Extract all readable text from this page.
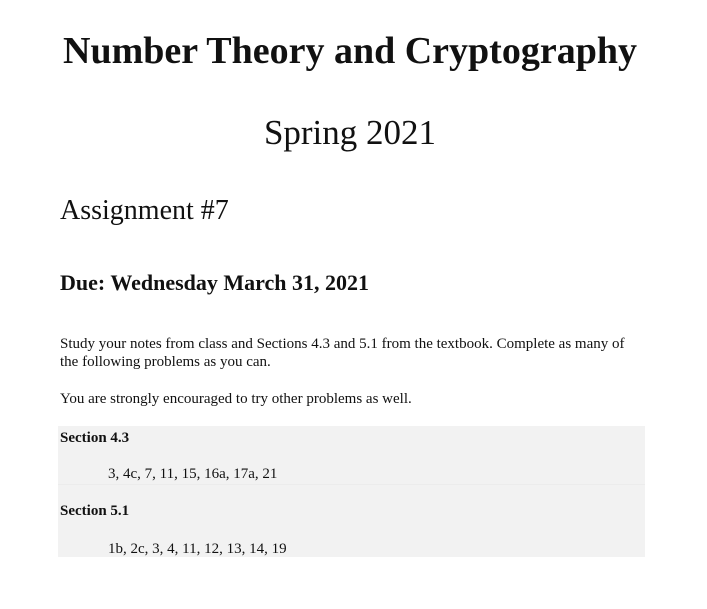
Number Theory and Cryptography
Spring 2021
Assignment #7
Due: Wednesday March 31, 2021

Study your notes from class and Sections 4.3 and 5.1 from the textbook. Complete as many of the following problems as you can.

You are strongly encouraged to try other problems as well.

Section 4.3
3, 4c, 7, 11, 15, 16a, 17a, 21
Section 5.1
1b, 2c, 3, 4, 11, 12, 13, 14, 19
